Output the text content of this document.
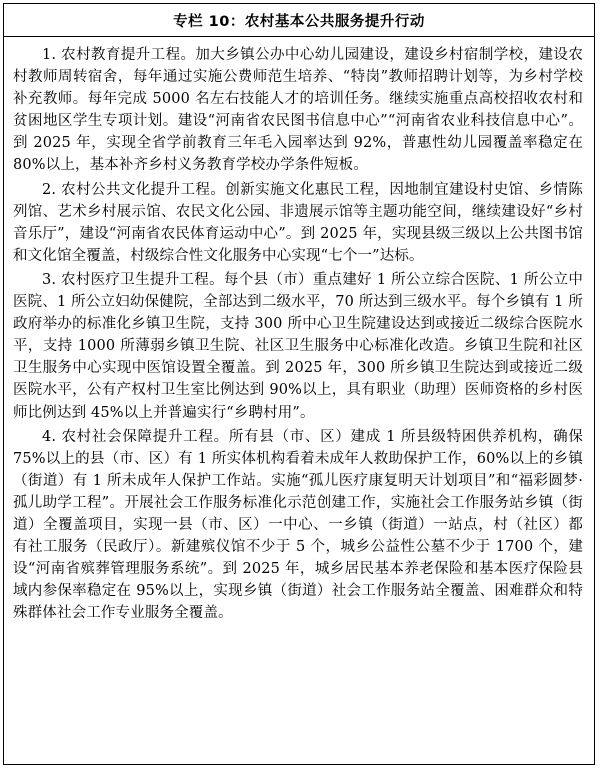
专栏 10：农村基本公共服务提升行动

1. 农村教育提升工程。加大乡镇公办中心幼儿园建设，建设乡村宿制学校，建设农村教师周转宿舍，每年通过实施公费师范生培养、“特岗”教师招聘计划等，为乡村学校补充教师。每年完成 5000 名左右技能人才的培训任务。继续实施重点高校招收农村和贫困地区学生专项计划。建设“河南省农民图书信息中心”“河南省农业科技信息中心”。到 2025 年，实现全省学前教育三年毛入园率达到 92%，普惠性幼儿园覆盖率稳定在 80%以上，基本补齐乡村义务教育学校办学条件短板。

2. 农村公共文化提升工程。创新实施文化惠民工程，因地制宜建设村史馆、乡情陈列馆、艺术乡村展示馆、农民文化公园、非遗展示馆等主题功能空间，继续建设好“乡村音乐厅”，建设“河南省农民体育运动中心”。到 2025 年，实现县级三级以上公共图书馆和文化馆全覆盖，村级综合性文化服务中心实现“七个一”达标。

3. 农村医疗卫生提升工程。每个县（市）重点建好 1 所公立综合医院、1 所公立中医院、1 所公立妇幼保健院，全部达到二级水平，70 所达到三级水平。每个乡镇有 1 所政府举办的标准化乡镇卫生院，支持 300 所中心卫生院建设达到或接近二级综合医院水平，支持 1000 所薄弱乡镇卫生院、社区卫生服务中心标准化改造。乡镇卫生院和社区卫生服务中心实现中医馆设置全覆盖。到 2025 年，300 所乡镇卫生院达到或接近二级医院水平，公有产权村卫生室比例达到 90%以上，具有职业（助理）医师资格的乡村医师比例达到 45%以上并普遍实行“乡聘村用”。

4. 农村社会保障提升工程。所有县（市、区）建成 1 所县级特困供养机构，确保 75%以上的县（市、区）有 1 所实体机构看着未成年人救助保护工作，60%以上的乡镇（街道）有 1 所未成年人保护工作站。实施“孤儿医疗康复明天计划项目”和“福彩圆梦·孤儿助学工程”。开展社会工作服务标准化示范创建工作，实施社会工作服务站乡镇（街道）全覆盖项目，实现一县（市、区）一中心、一乡镇（街道）一站点，村（社区）都有社工服务（民政厅）。新建殡仪馆不少于 5 个，城乡公益性公墓不少于 1700 个，建设“河南省殡葬管理服务系统”。到 2025 年，城乡居民基本养老保险和基本医疗保险县域内参保率稳定在 95%以上，实现乡镇（街道）社会工作服务站全覆盖、困难群众和特殊群体社会工作专业服务全覆盖。
